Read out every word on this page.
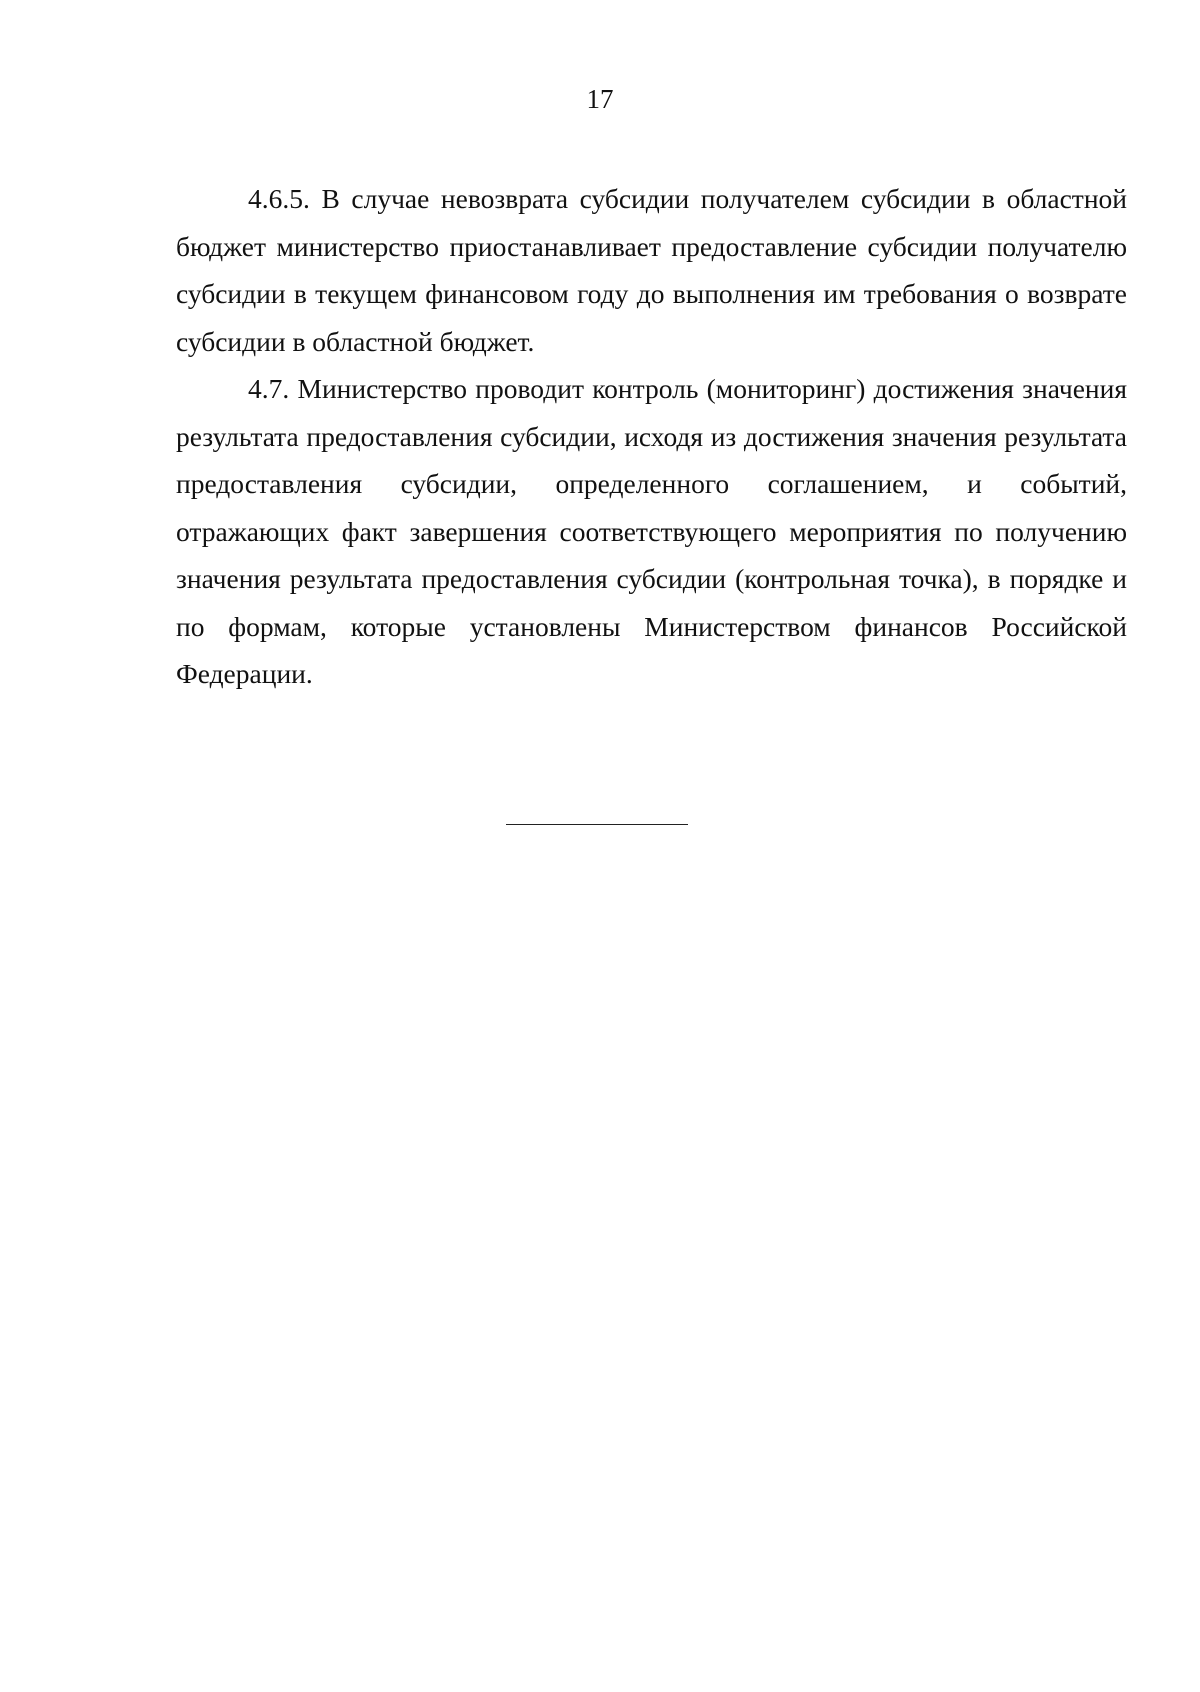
17

4.6.5. В случае невозврата субсидии получателем субсидии в областной бюджет министерство приостанавливает предоставление субсидии получателю субсидии в текущем финансовом году до выполнения им требования о возврате субсидии в областной бюджет.

4.7. Министерство проводит контроль (мониторинг) достижения значения результата предоставления субсидии, исходя из достижения значения результата предоставления субсидии, определенного соглашением, и событий, отражающих факт завершения соответствующего мероприятия по получению значения результата предоставления субсидии (контрольная точка), в порядке и по формам, которые установлены Министерством финансов Российской Федерации.
